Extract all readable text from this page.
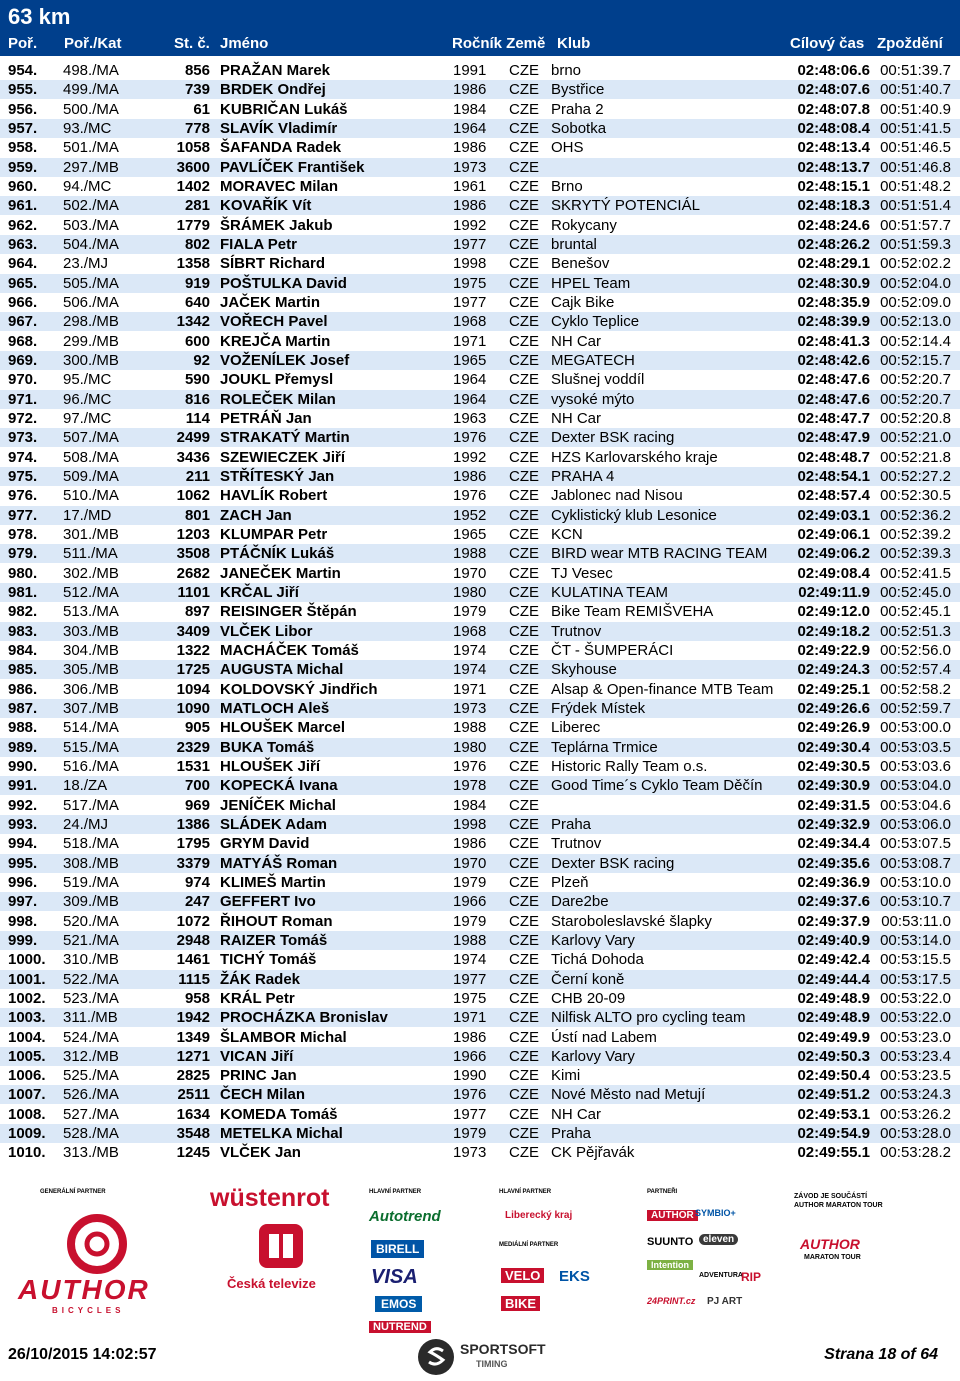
63 km
Poř. Poř./Kat	St. č. Jméno	Ročník Země Klub	Cílový čas Zpoždění
954. 498./MA	856 PRAŽAN Marek	1991 CZE brno	02:48:06.6 00:51:39.7
955. 499./MA	739 BRDEK Ondřej	1986 CZE Bystřice	02:48:07.6 00:51:40.7
956. 500./MA	61 KUBRIČAN Lukáš	1984 CZE Praha 2	02:48:07.8 00:51:40.9
957. 93./MC	778 SLAVÍK Vladimír	1964 CZE Sobotka	02:48:08.4 00:51:41.5
958. 501./MA	1058 ŠAFANDA Radek	1986 CZE OHS	02:48:13.4 00:51:46.5
959. 297./MB	3600 PAVLÍČEK František	1973 CZE	02:48:13.7 00:51:46.8
960. 94./MC	1402 MORAVEC Milan	1961 CZE Brno	02:48:15.1 00:51:48.2
961. 502./MA	281 KOVAŘÍK Vít	1986 CZE SKRYTÝ POTENCIÁL	02:48:18.3 00:51:51.4
962. 503./MA	1779 ŠRÁMEK Jakub	1992 CZE Rokycany	02:48:24.6 00:51:57.7
963. 504./MA	802 FIALA Petr	1977 CZE bruntal	02:48:26.2 00:51:59.3
964. 23./MJ	1358 SÍBRT Richard	1998 CZE Benešov	02:48:29.1 00:52:02.2
965. 505./MA	919 POŠTULKA David	1975 CZE HPEL Team	02:48:30.9 00:52:04.0
966. 506./MA	640 JAČEK Martin	1977 CZE Cajk Bike	02:48:35.9 00:52:09.0
967. 298./MB	1342 VOŘECH Pavel	1968 CZE Cyklo Teplice	02:48:39.9 00:52:13.0
968. 299./MB	600 KREJČA Martin	1971 CZE NH Car	02:48:41.3 00:52:14.4
969. 300./MB	92 VOŽENÍLEK Josef	1965 CZE MEGATECH	02:48:42.6 00:52:15.7
970. 95./MC	590 JOUKL Přemysl	1964 CZE Slušnej voddíl	02:48:47.6 00:52:20.7
971. 96./MC	816 ROLEČEK Milan	1964 CZE vysoké mýto	02:48:47.6 00:52:20.7
972. 97./MC	114 PETRÁŇ Jan	1963 CZE NH Car	02:48:47.7 00:52:20.8
973. 507./MA	2499 STRAKATÝ Martin	1976 CZE Dexter BSK racing	02:48:47.9 00:52:21.0
974. 508./MA	3436 SZEWIECZEK Jiří	1992 CZE HZS Karlovarského kraje	02:48:48.7 00:52:21.8
975. 509./MA	211 STŘÍTESKÝ Jan	1986 CZE PRAHA 4	02:48:54.1 00:52:27.2
976. 510./MA	1062 HAVLÍK Robert	1976 CZE Jablonec nad Nisou	02:48:57.4 00:52:30.5
977. 17./MD	801 ZACH Jan	1952 CZE Cyklistický klub Lesonice	02:49:03.1 00:52:36.2
978. 301./MB	1203 KLUMPAR Petr	1965 CZE KCN	02:49:06.1 00:52:39.2
979. 511./MA	3508 PTÁČNÍK Lukáš	1988 CZE BIRD wear MTB RACING TEAM 02:49:06.2 00:52:39.3
980. 302./MB	2682 JANEČEK Martin	1970 CZE TJ Vesec	02:49:08.4 00:52:41.5
981. 512./MA	1101 KRČAL Jiří	1980 CZE KULATINA TEAM	02:49:11.9 00:52:45.0
982. 513./MA	897 REISINGER Štěpán	1979 CZE Bike Team REMIŠVEHA	02:49:12.0 00:52:45.1
983. 303./MB	3409 VLČEK Libor	1968 CZE Trutnov	02:49:18.2 00:52:51.3
984. 304./MB	1322 MACHÁČEK Tomáš	1974 CZE ČT - ŠUMPERÁCI	02:49:22.9 00:52:56.0
985. 305./MB	1725 AUGUSTA Michal	1974 CZE Skyhouse	02:49:24.3 00:52:57.4
986. 306./MB	1094 KOLDOVSKÝ Jindřich	1971 CZE Alsap & Open-finance MTB Team 02:49:25.1 00:52:58.2
987. 307./MB	1090 MATLOCH Aleš	1973 CZE Frýdek Místek	02:49:26.6 00:52:59.7
988. 514./MA	905 HLOUŠEK Marcel	1988 CZE Liberec	02:49:26.9 00:53:00.0
989. 515./MA	2329 BUKA Tomáš	1980 CZE Teplárna Trmice	02:49:30.4 00:53:03.5
990. 516./MA	1531 HLOUŠEK Jiří	1976 CZE Historic Rally Team o.s.	02:49:30.5 00:53:03.6
991. 18./ZA	700 KOPECKÁ Ivana	1978 CZE Good Time´s Cyklo Team Děčín 02:49:30.9 00:53:04.0
992. 517./MA	969 JENÍČEK Michal	1984 CZE	02:49:31.5 00:53:04.6
993. 24./MJ	1386 SLÁDEK Adam	1998 CZE Praha	02:49:32.9 00:53:06.0
994. 518./MA	1795 GRYM David	1986 CZE Trutnov	02:49:34.4 00:53:07.5
995. 308./MB	3379 MATYÁŠ Roman	1970 CZE Dexter BSK racing	02:49:35.6 00:53:08.7
996. 519./MA	974 KLIMEŠ Martin	1979 CZE Plzeň	02:49:36.9 00:53:10.0
997. 309./MB	247 GEFFERT Ivo	1966 CZE Dare2be	02:49:37.6 00:53:10.7
998. 520./MA	1072 ŘIHOUT Roman	1979 CZE Staroboleslavské šlapky	02:49:37.9 00:53:11.0
999. 521./MA	2948 RAIZER Tomáš	1988 CZE Karlovy Vary	02:49:40.9 00:53:14.0
1000. 310./MB	1461 TICHÝ Tomáš	1974 CZE Tichá Dohoda	02:49:42.4 00:53:15.5
1001. 522./MA	1115 ŽÁK Radek	1977 CZE Černí koně	02:49:44.4 00:53:17.5
1002. 523./MA	958 KRÁL Petr	1975 CZE CHB 20-09	02:49:48.9 00:53:22.0
1003. 311./MB	1942 PROCHÁZKA Bronislav	1971 CZE Nilfisk ALTO pro cycling team	02:49:48.9 00:53:22.0
1004. 524./MA	1349 ŠLAMBOR Michal	1986 CZE Ústí nad Labem	02:49:49.9 00:53:23.0
1005. 312./MB	1271 VICAN Jiří	1966 CZE Karlovy Vary	02:49:50.3 00:53:23.4
1006. 525./MA	2825 PRINC Jan	1990 CZE Kimi	02:49:50.4 00:53:23.5
1007. 526./MA	2511 ČECH Milan	1976 CZE Nové Město nad Metují	02:49:51.2 00:53:24.3
1008. 527./MA	1634 KOMEDA Tomáš	1977 CZE NH Car	02:49:53.1 00:53:26.2
1009. 528./MA	3548 METELKA Michal	1979 CZE Praha	02:49:54.9 00:53:28.0
1010. 313./MB	1245 VLČEK Jan	1973 CZE CK Pějřavák	02:49:55.1 00:53:28.2
GENERÁLNÍ PARTNER
AUTHOR
BICYCLES
wüstenrot
Česká televize
HLAVNÍ PARTNER
Autotrend
BIRELL
VISA
EMOS
NUTREND
HLAVNÍ PARTNER
Liberecký kraj
MEDIÁLNÍ PARTNER
VELO EKS
BIKE
PARTNEŘI
AUTHOR SYMBIO+
SUUNTO eleven
Intention
ADVENTURA
24PRINT.cz PJ ART
RIP
ZÁVOD JE SOUČÁSTÍ AUTHOR MARATON TOUR
AUTHOR
MARATON TOUR
26/10/2015 14:02:57	SPORTSOFT
TIMING
Strana 18 of 64
